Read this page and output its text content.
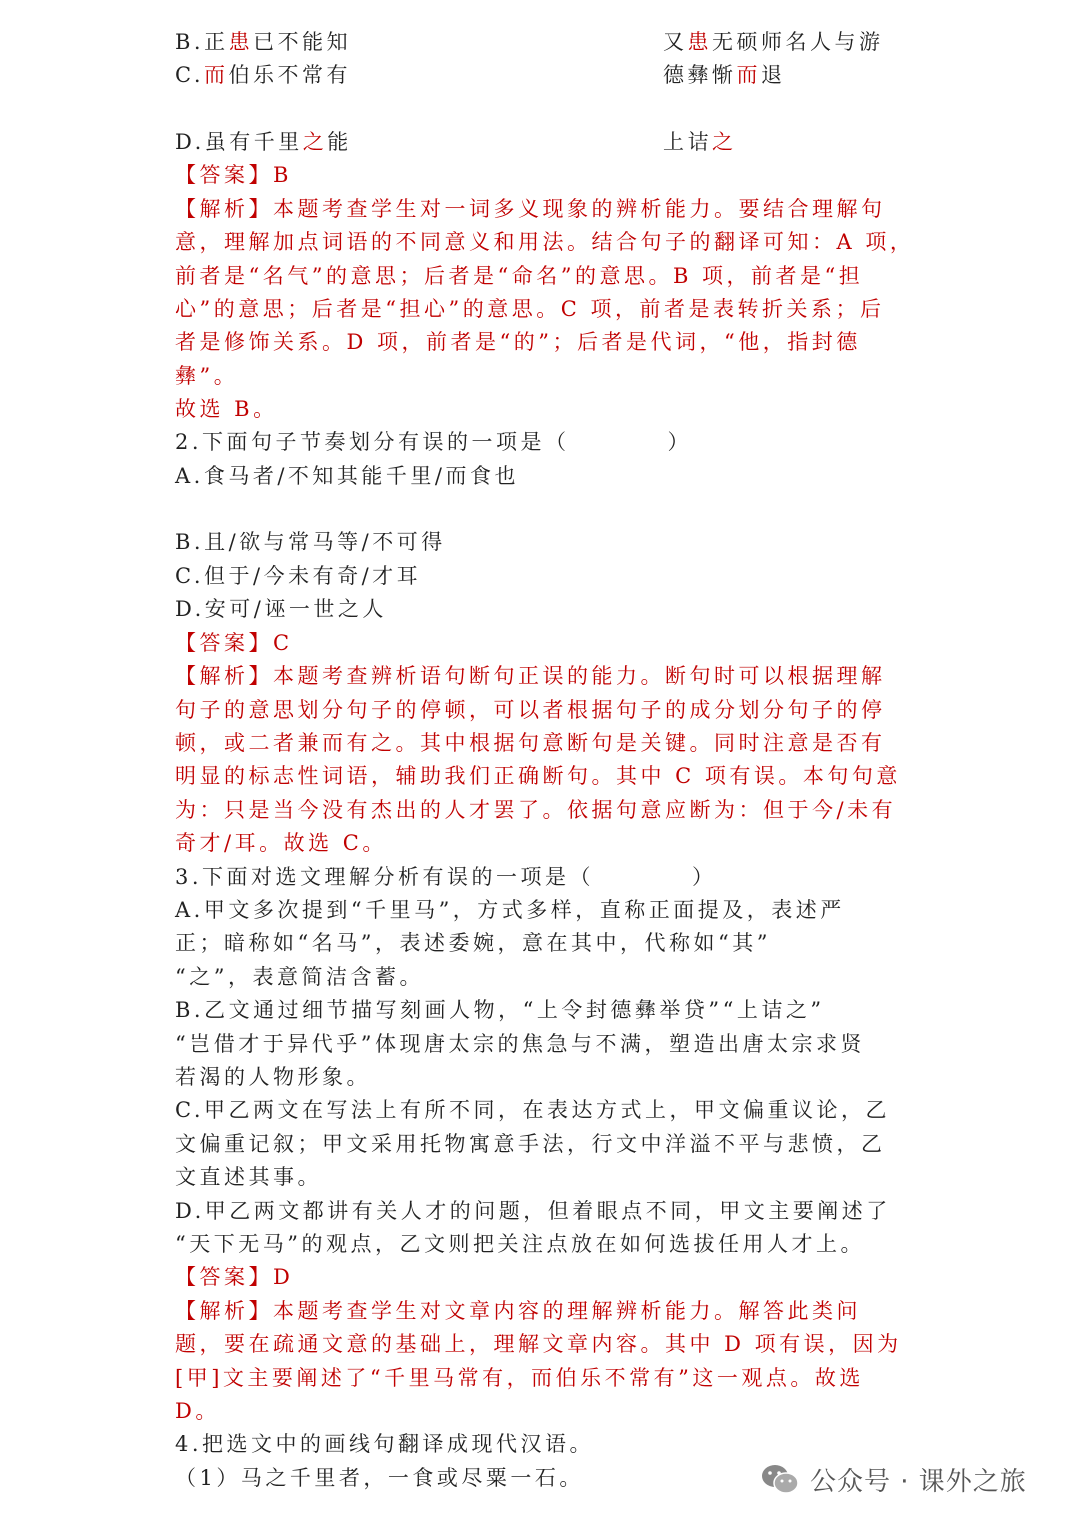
B.正患已不能知	又患无硕师名人与游
C.而伯乐不常有	德彝惭而退
D.虽有千里之能	上诘之
【答案】B
【解析】本题考查学生对一词多义现象的辨析能力。要结合理解句
意，理解加点词语的不同意义和用法。结合句子的翻译可知：A 项，
前者是“名气”的意思；后者是“命名”的意思。B 项，前者是“担
心”的意思；后者是“担心”的意思。C 项，前者是表转折关系；后
者是修饰关系。D 项，前者是“的”；后者是代词，“他，指封德
彝”。
故选 B。
2.下面句子节奏划分有误的一项是（　　　　）
A.食马者/不知其能千里/而食也
B.且/欲与常马等/不可得
C.但于/今未有奇/才耳
D.安可/诬一世之人
【答案】C
【解析】本题考查辨析语句断句正误的能力。断句时可以根据理解
句子的意思划分句子的停顿，可以者根据句子的成分划分句子的停
顿，或二者兼而有之。其中根据句意断句是关键。同时注意是否有
明显的标志性词语，辅助我们正确断句。其中 C 项有误。本句句意
为：只是当今没有杰出的人才罢了。依据句意应断为：但于今/未有
奇才/耳。故选 C。
3.下面对选文理解分析有误的一项是（　　　　）
A.甲文多次提到“千里马”，方式多样，直称正面提及，表述严
正；暗称如“名马”，表述委婉，意在其中，代称如“其”
“之”，表意简洁含蓄。
B.乙文通过细节描写刻画人物，“上令封德彝举贷”“上诘之”
“岂借才于异代乎”体现唐太宗的焦急与不满，塑造出唐太宗求贤
若渴的人物形象。
C.甲乙两文在写法上有所不同，在表达方式上，甲文偏重议论，乙
文偏重记叙；甲文采用托物寓意手法，行文中洋溢不平与悲愤，乙
文直述其事。
D.甲乙两文都讲有关人才的问题，但着眼点不同，甲文主要阐述了
“天下无马”的观点，乙文则把关注点放在如何选拔任用人才上。
【答案】D
【解析】本题考查学生对文章内容的理解辨析能力。解答此类问
题，要在疏通文意的基础上，理解文章内容。其中 D 项有误，因为
[甲]文主要阐述了“千里马常有，而伯乐不常有”这一观点。故选
D。
4.把选文中的画线句翻译成现代汉语。
（1）马之千里者，一食或尽粟一石。	公众号 · 课外之旅
